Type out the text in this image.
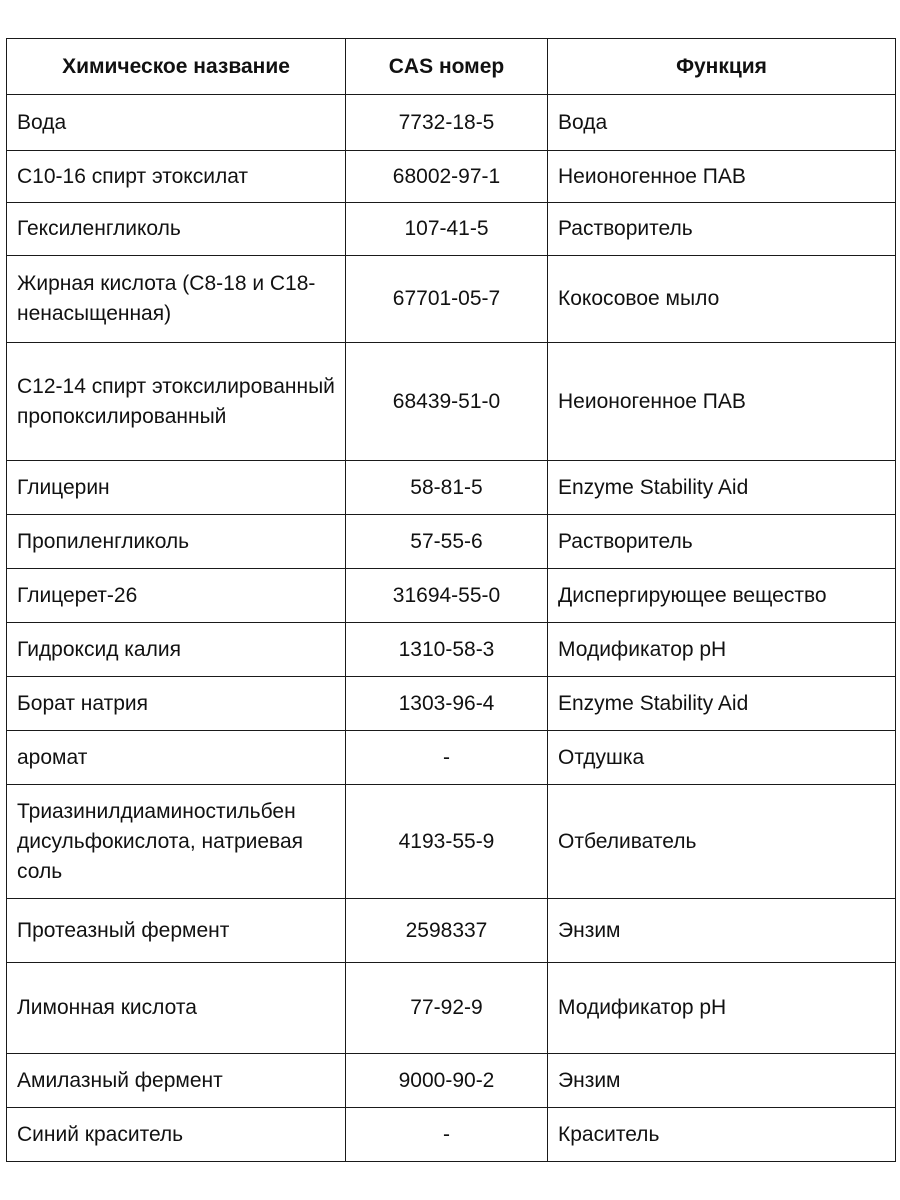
Химическое название	CAS номер	Функция
Вода	7732-18-5	Вода
С10-16 спирт этоксилат	68002-97-1	Неионогенное ПАВ
Гексиленгликоль	107-41-5	Растворитель
Жирная кислота (С8-18 и С18-ненасыщенная)	67701-05-7	Кокосовое мыло
С12-14 спирт этоксилированный пропоксилированный	68439-51-0	Неионогенное ПАВ
Глицерин	58-81-5	Enzyme Stability Aid
Пропиленгликоль	57-55-6	Растворитель
Глицерет-26	31694-55-0	Диспергирующее вещество
Гидроксид калия	1310-58-3	Модификатор рН
Борат натрия	1303-96-4	Enzyme Stability Aid
аромат	-	Отдушка
Триазинилдиаминостильбен дисульфокислота, натриевая соль	4193-55-9	Отбеливатель
Протеазный фермент	2598337	Энзим
Лимонная кислота	77-92-9	Модификатор рН
Амилазный фермент	9000-90-2	Энзим
Синий краситель	-	Краситель
